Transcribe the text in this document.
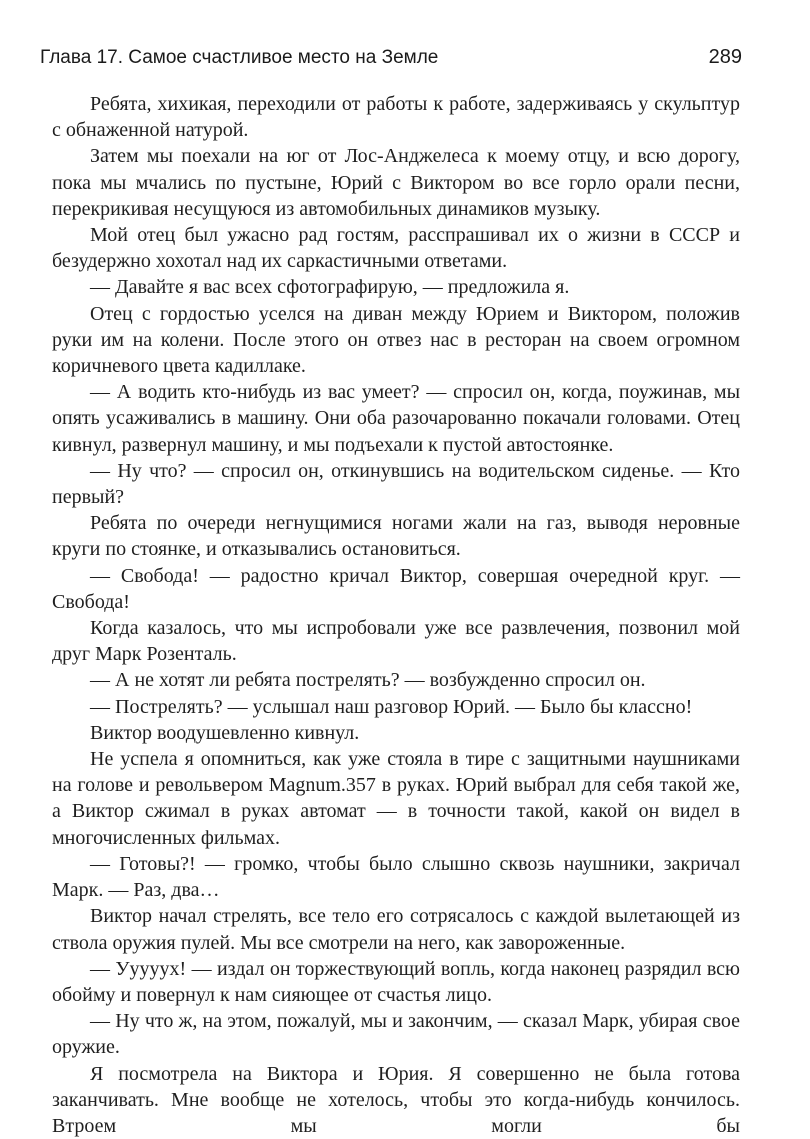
Глава 17. Самое счастливое место на Земле	289

Ребята, хихикая, переходили от работы к работе, задерживаясь у скульптур с обнаженной натурой.

Затем мы поехали на юг от Лос-Анджелеса к моему отцу, и всю дорогу, пока мы мчались по пустыне, Юрий с Виктором во все горло орали песни, перекрикивая несущуюся из автомобильных динамиков музыку.

Мой отец был ужасно рад гостям, расспрашивал их о жизни в СССР и безудержно хохотал над их саркастичными ответами.

— Давайте я вас всех сфотографирую, — предложила я.

Отец с гордостью уселся на диван между Юрием и Виктором, положив руки им на колени. После этого он отвез нас в ресторан на своем огромном коричневого цвета кадиллаке.

— А водить кто-нибудь из вас умеет? — спросил он, когда, поужинав, мы опять усаживались в машину. Они оба разочарованно покачали головами. Отец кивнул, развернул машину, и мы подъехали к пустой автостоянке.

— Ну что? — спросил он, откинувшись на водительском сиденье. — Кто первый?

Ребята по очереди негнущимися ногами жали на газ, выводя неровные круги по стоянке, и отказывались остановиться.

— Свобода! — радостно кричал Виктор, совершая очередной круг. — Свобода!

Когда казалось, что мы испробовали уже все развлечения, позвонил мой друг Марк Розенталь.

— А не хотят ли ребята пострелять? — возбужденно спросил он.

— Пострелять? — услышал наш разговор Юрий. — Было бы классно!

Виктор воодушевленно кивнул.

Не успела я опомниться, как уже стояла в тире с защитными наушниками на голове и револьвером Magnum.357 в руках. Юрий выбрал для себя такой же, а Виктор сжимал в руках автомат — в точности такой, какой он видел в многочисленных фильмах.

— Готовы?! — громко, чтобы было слышно сквозь наушники, закричал Марк. — Раз, два…

Виктор начал стрелять, все тело его сотрясалось с каждой вылетающей из ствола оружия пулей. Мы все смотрели на него, как завороженные.

— Ууууух! — издал он торжествующий вопль, когда наконец разрядил всю обойму и повернул к нам сияющее от счастья лицо.

— Ну что ж, на этом, пожалуй, мы и закончим, — сказал Марк, убирая свое оружие.

Я посмотрела на Виктора и Юрия. Я совершенно не была готова заканчивать. Мне вообще не хотелось, чтобы это когда-нибудь кончилось. Втроем мы могли бы
